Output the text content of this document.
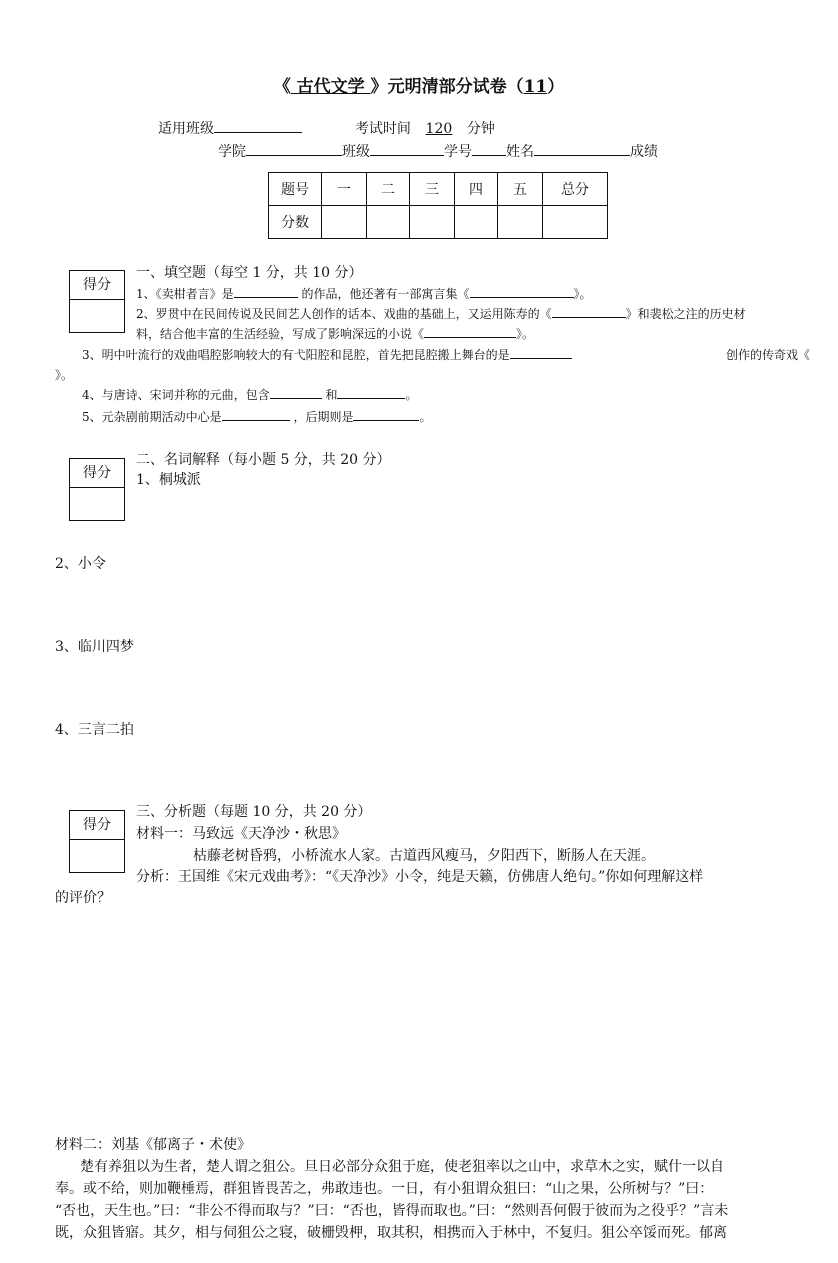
《 古代文学 》元明清部分试卷（11）
适用班级	考试时间 120 分钟
学院	班级	学号 姓名	成绩
题号	一	二	三	四	五	总分
分数						
得分
一、填空题（每空 1 分，共 10 分）
1、《卖柑者言》是	的作品，他还著有一部寓言集《	》。
2、罗贯中在民间传说及民间艺人创作的话本、戏曲的基础上，又运用陈寿的《	》和裴松之注的历史材
料，结合他丰富的生活经验，写成了影响深远的小说《	》。
3、明中叶流行的戏曲唱腔影响较大的有弋阳腔和昆腔，首先把昆腔搬上舞台的是	创作的传奇戏《
》。
4、与唐诗、宋词并称的元曲，包含	和	。
5、元杂剧前期活动中心是	，后期则是	。
得分
二、名词解释（每小题 5 分，共 20 分）
1、桐城派
2、小令
3、临川四梦
4、三言二拍
得分
三、分析题（每题 10 分，共 20 分）
材料一：马致远《天净沙・秋思》
枯藤老树昏鸦，小桥流水人家。古道西风瘦马，夕阳西下，断肠人在天涯。
分析：王国维《宋元戏曲考》：“《天净沙》小令，纯是天籁，仿佛唐人绝句。”你如何理解这样
的评价？
材料二：刘基《郁离子・术使》
楚有养狙以为生者，楚人谓之狙公。旦日必部分众狙于庭，使老狙率以之山中，求草木之实，赋什一以自
奉。或不给，则加鞭棰焉，群狙皆畏苦之，弗敢违也。一日，有小狙谓众狙曰：“山之果，公所树与？”曰：
“否也，天生也。”曰：“非公不得而取与？”曰：“否也，皆得而取也。”曰：“然则吾何假于彼而为之役乎？”言未
既，众狙皆寤。其夕，相与伺狙公之寝，破栅毁柙，取其积，相携而入于林中，不复归。狙公卒馁而死。郁离
